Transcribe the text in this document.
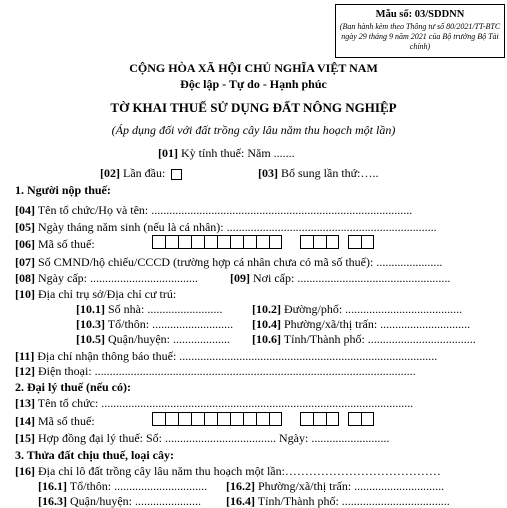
Mẫu số: 03/SDDNN
(Ban hành kèm theo Thông tư số 80/2021/TT-BTC ngày 29 tháng 9 năm 2021 của Bộ trưởng Bộ Tài chính)
CỘNG HÒA XÃ HỘI CHỦ NGHĨA VIỆT NAM
Độc lập - Tự do - Hạnh phúc
TỜ KHAI THUẾ SỬ DỤNG ĐẤT NÔNG NGHIỆP
(Áp dụng đối với đất trồng cây lâu năm thu hoạch một lần)
[01] Kỳ tính thuế: Năm .......
[02] Lần đầu:	[03] Bổ sung lần thứ:…..
1. Người nộp thuế:
[04] Tên tổ chức/Họ và tên: .......................................................................................
[05] Ngày tháng năm sinh (nếu là cá nhân): ......................................................................
[06] Mã số thuế:
[07] Số CMND/hộ chiếu/CCCD (trường hợp cá nhân chưa có mã số thuế): ......................
[08] Ngày cấp: ....................................	[09] Nơi cấp: ...................................................
[10] Địa chỉ trụ sở/Địa chỉ cư trú:
[10.1] Số nhà: ......................... [10.2] Đường/phố: .......................................
[10.3] Tổ/thôn: ........................... [10.4] Phường/xã/thị trấn: ..............................
[10.5] Quận/huyện: ................... [10.6] Tỉnh/Thành phố: ....................................
[11] Địa chỉ nhận thông báo thuế: ......................................................................................
[12] Điện thoại: ...........................................................................................................
2. Đại lý thuế (nếu có):
[13] Tên tổ chức: ........................................................................................................
[14] Mã số thuế:
[15] Hợp đồng đại lý thuế: Số: ..................................... Ngày: ..........................
3. Thửa đất chịu thuế, loại cây:
[16] Địa chỉ lô đất trồng cây lâu năm thu hoạch một lần:…………………………………
[16.1] Tổ/thôn: ............................... [16.2] Phường/xã/thị trấn: ..............................
[16.3] Quận/huyện: ...................... [16.4] Tỉnh/Thành phố: ....................................
